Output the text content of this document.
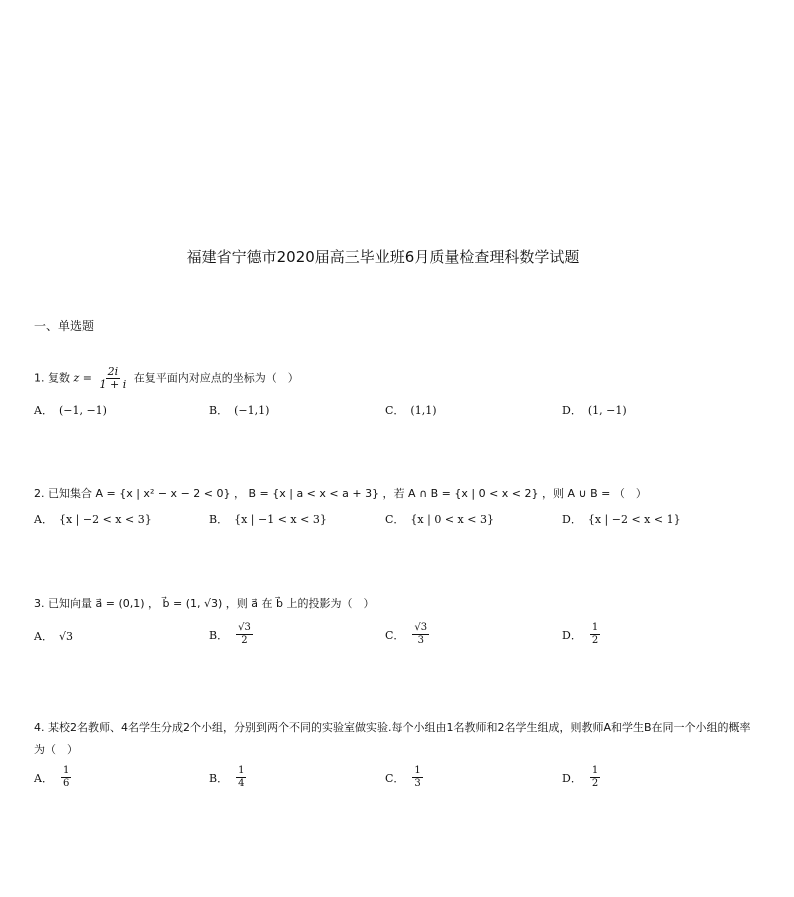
福建省宁德市2020届高三毕业班6月质量检查理科数学试题
一、单选题
1. 复数 $z = \frac{2i}{1 + i}$ 在复平面内对应点的坐标为（　）
A． (−1, −1)	B． (−1,1)	C． (1,1)	D． (1, −1)
2. 已知集合 A = {x | x² − x − 2 < 0} ， B = {x | a < x < a + 3} ，若 A ∩ B = {x | 0 < x < 2} ，则 A ∪ B = （　）
A． {x | −2 < x < 3}	B． {x | −1 < x < 3}	C． {x | 0 < x < 3}	D． {x | −2 < x < 1}
3. 已知向量 a⃗ = (0,1) ， b⃗ = (1, √3) ，则 a⃗ 在 b⃗ 上的投影为（　）
A． √3	B． $\frac{√3}{2}$	C． $\frac{√3}{3}$	D． $\frac{1}{2}$
4. 某校2名教师、4名学生分成2个小组，分别到两个不同的实验室做实验.每个小组由1名教师和2名学生组成，则教师A和学生B在同一个小组的概率为（　）
A． $\frac{1}{6}$	B． $\frac{1}{4}$	C． $\frac{1}{3}$	D． $\frac{1}{2}$
